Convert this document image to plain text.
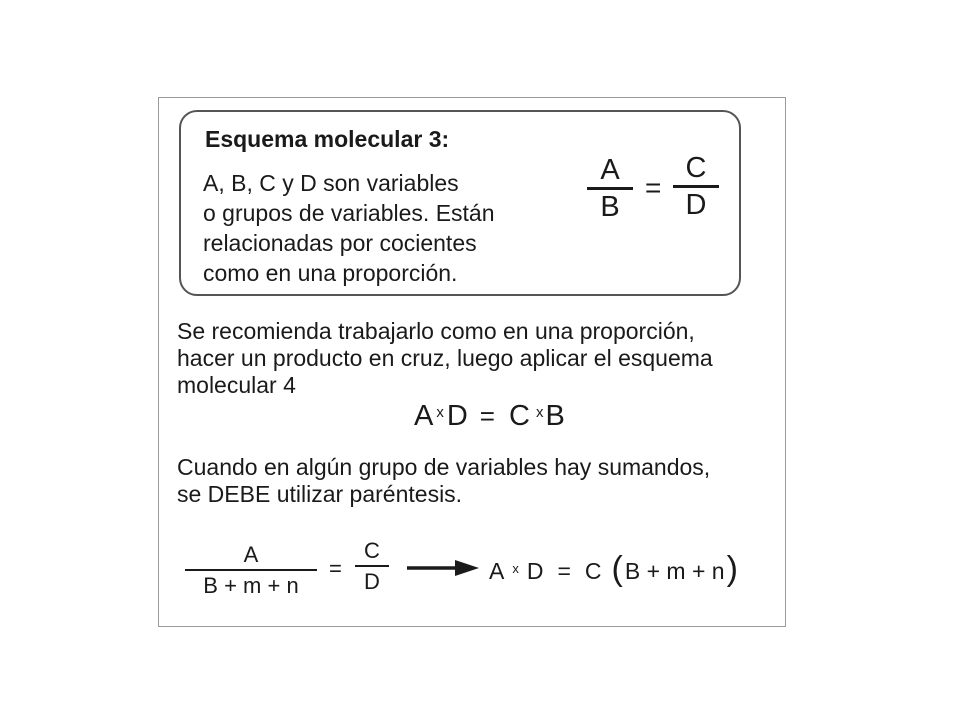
Esquema molecular 3:

A, B, C y D son variables
o grupos de variables. Están
relacionadas por cocientes
como en una proporción.

A
B
=
C
D

Se recomienda trabajarlo como en una proporción,
hacer un producto en cruz, luego aplicar el esquema
molecular 4

A x D = C x B

Cuando en algún grupo de variables hay sumandos,
se DEBE utilizar paréntesis.

A
B + m + n
=
C
D	A x D = C ( B + m + n )
